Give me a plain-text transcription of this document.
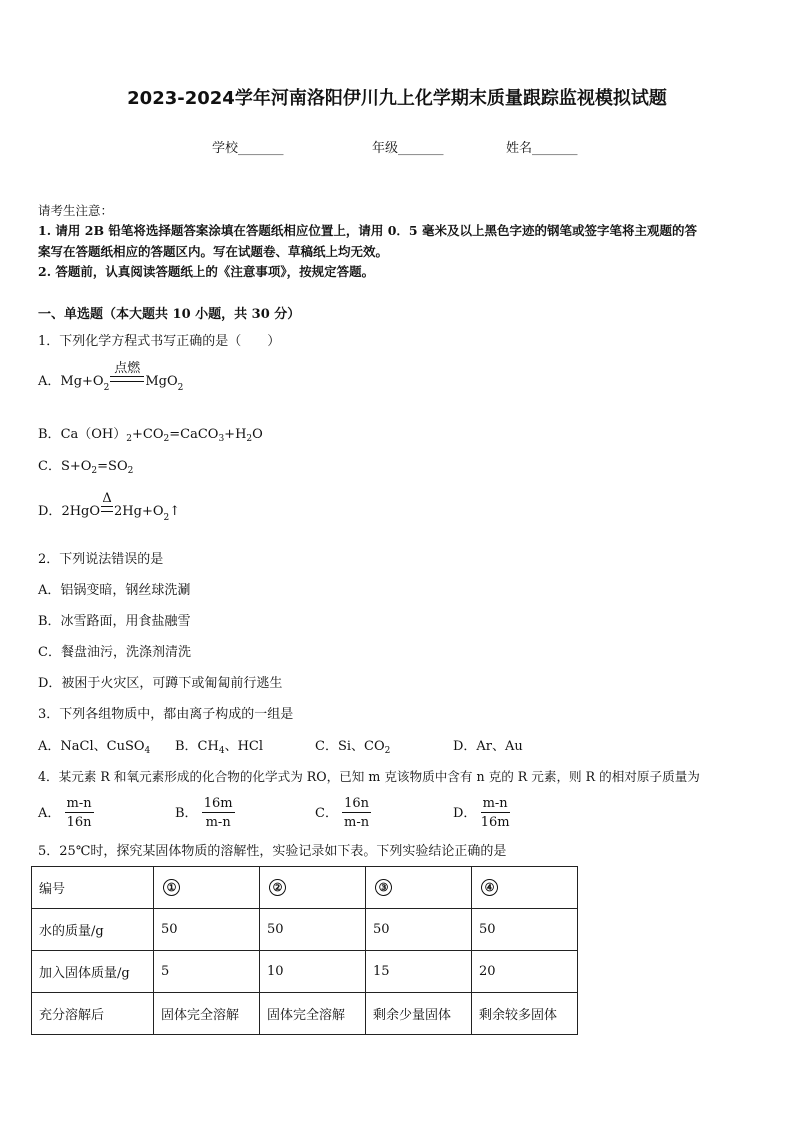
2023-2024学年河南洛阳伊川九上化学期末质量跟踪监视模拟试题
学校_______	年级_______	姓名_______
请考生注意：
1. 请用 2B 铅笔将选择题答案涂填在答题纸相应位置上，请用 0．5 毫米及以上黑色字迹的钢笔或签字笔将主观题的答
案写在答题纸相应的答题区内。写在试题卷、草稿纸上均无效。
2. 答题前，认真阅读答题纸上的《注意事项》，按规定答题。
一、单选题（本大题共 10 小题，共 30 分）
1．下列化学方程式书写正确的是（　　）
A． Mg+O 2
点燃
MgO 2
B．$Ca(OH)_2+CO_2=CaCO_3+H_2O$
C．$S+O_2=SO_2$
D． 2HgO
Δ
2Hg+O 2 ↑
2．下列说法错误的是
A．铝锅变暗，钢丝球洗涮
B．冰雪路面，用食盐融雪
C．餐盘油污，洗涤剂清洗
D．被困于火灾区，可蹲下或匍匐前行逃生
3．下列各组物质中，都由离子构成的一组是
A．NaCl、CuSO$_4$ B．$CH_4$、HCl	C．Si、$CO_2$	D．Ar、Au
4．某元素 R 和氧元素形成的化合物的化学式为 RO，已知 m 克该物质中含有 n 克的 R 元素，则 R 的相对原子质量为
A． $\frac{m-n}{16n}$	B． $\frac{16m}{m-n}$	C． $\frac{16n}{m-n}$	D． $\frac{m-n}{16m}$
5．25℃时，探究某固体物质的溶解性，实验记录如下表。下列实验结论正确的是
编号	①	②	③	④
水的质量/g	50	50	50	50
加入固体质量/g	5	10	15	20
充分溶解后	固体完全溶解	固体完全溶解	剩余少量固体	剩余较多固体
